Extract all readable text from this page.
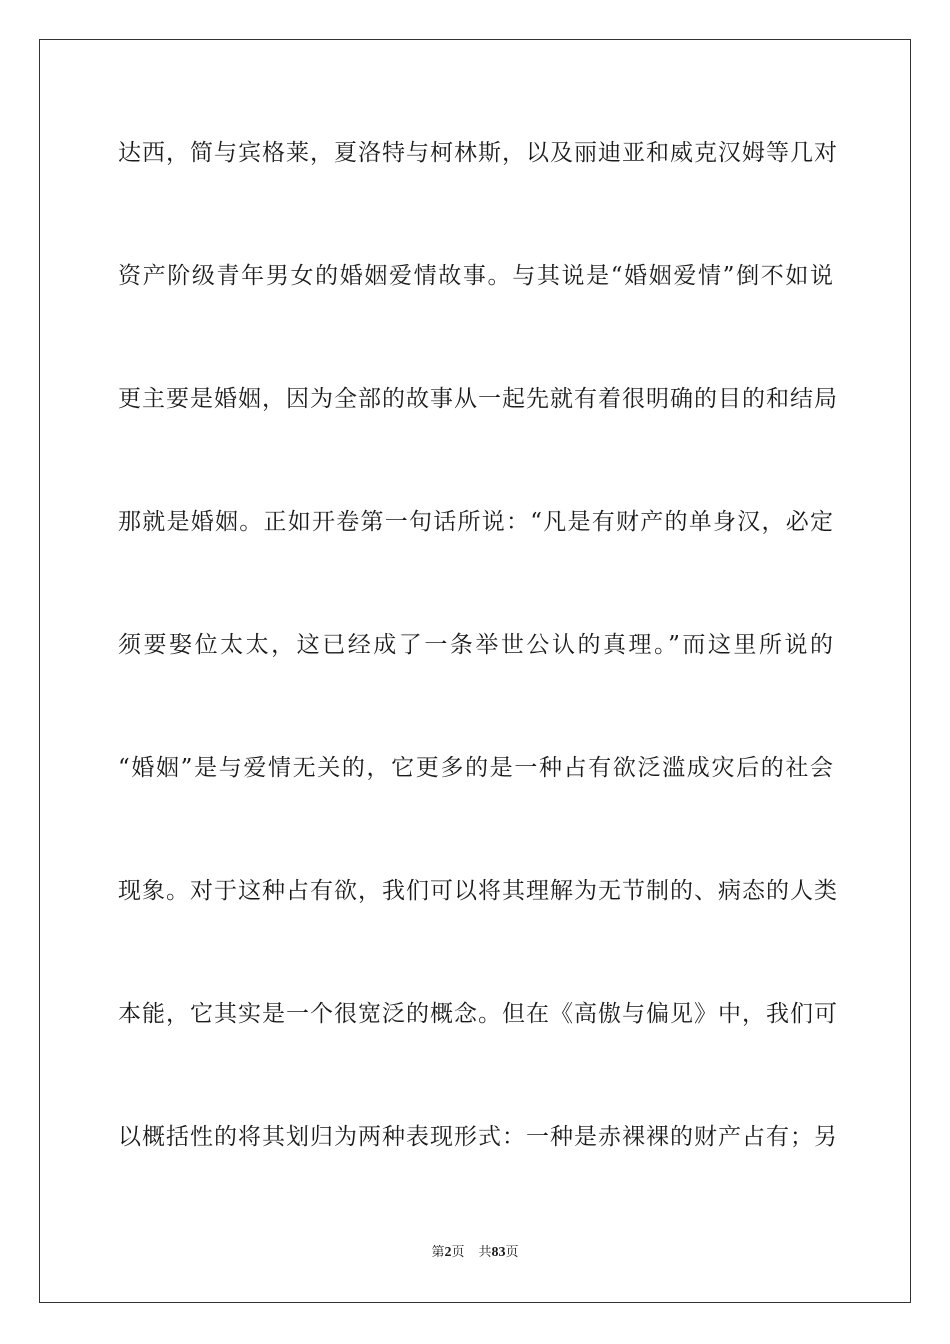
达西，简与宾格莱，夏洛特与柯林斯，以及丽迪亚和威克汉姆等几对
资产阶级青年男女的婚姻爱情故事。与其说是“婚姻爱情”倒不如说
更主要是婚姻，因为全部的故事从一起先就有着很明确的目的和结局
那就是婚姻。正如开卷第一句话所说：“凡是有财产的单身汉，必定
须要娶位太太，这已经成了一条举世公认的真理。”而这里所说的
“婚姻”是与爱情无关的，它更多的是一种占有欲泛滥成灾后的社会
现象。对于这种占有欲，我们可以将其理解为无节制的、病态的人类
本能，它其实是一个很宽泛的概念。但在《高傲与偏见》中，我们可
以概括性的将其划归为两种表现形式：一种是赤裸裸的财产占有；另
第2页 共83页
